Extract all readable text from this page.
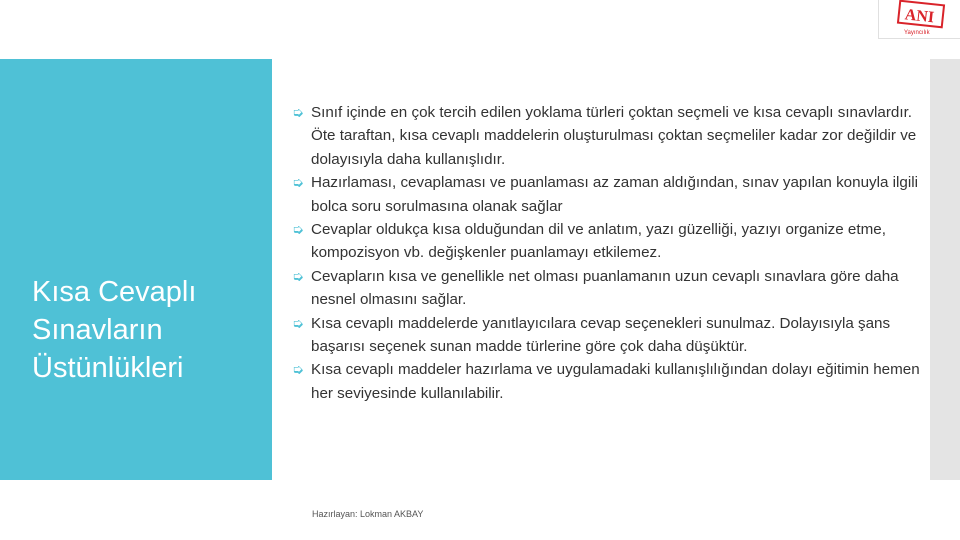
ANI
Yayıncılık
Kısa Cevaplı
Sınavların
Üstünlükleri
➭ Sınıf içinde en çok tercih edilen yoklama türleri çoktan seçmeli ve kısa cevaplı sınavlardır. Öte taraftan, kısa cevaplı maddelerin oluşturulması çoktan seçmeliler kadar zor değildir ve dolayısıyla daha kullanışlıdır.
➭ Hazırlaması, cevaplaması ve puanlaması az zaman aldığından, sınav yapılan konuyla ilgili bolca soru sorulmasına olanak sağlar
➭ Cevaplar oldukça kısa olduğundan dil ve anlatım, yazı güzelliği, yazıyı organize etme, kompozisyon vb. değişkenler puanlamayı etkilemez.
➭ Cevapların kısa ve genellikle net olması puanlamanın uzun cevaplı sınavlara göre daha nesnel olmasını sağlar.
➭ Kısa cevaplı maddelerde yanıtlayıcılara cevap seçenekleri sunulmaz. Dolayısıyla şans başarısı seçenek sunan madde türlerine göre çok daha düşüktür.
➭ Kısa cevaplı maddeler hazırlama ve uygulamadaki kullanışlılığından dolayı eğitimin hemen her seviyesinde kullanılabilir.
Hazırlayan: Lokman AKBAY
